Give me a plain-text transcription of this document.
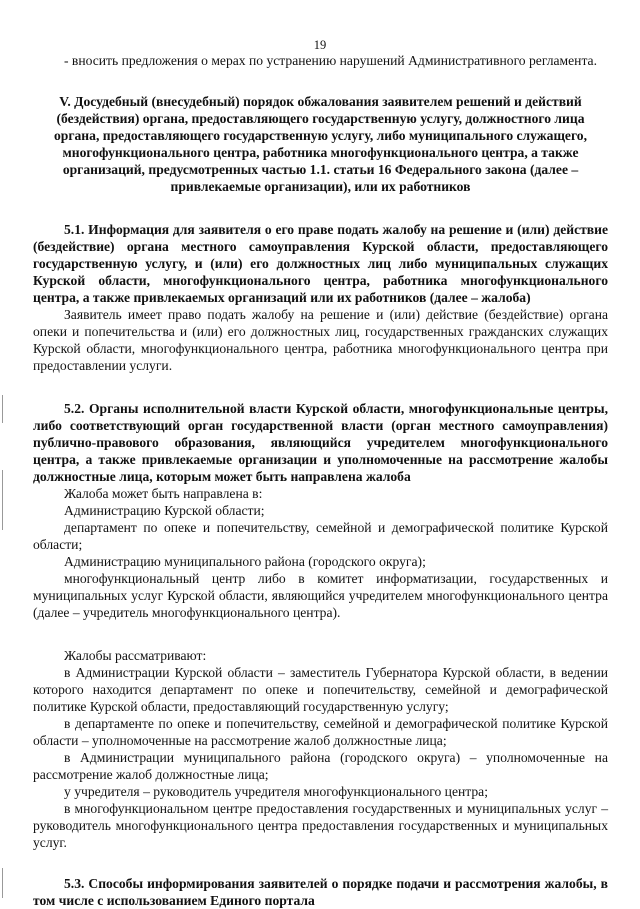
19

- вносить предложения о мерах по устранению нарушений Административного регламента.

V. Досудебный (внесудебный) порядок обжалования заявителем решений и действий
(бездействия) органа, предоставляющего государственную услугу, должностного лица
органа, предоставляющего государственную услугу, либо муниципального служащего,
многофункционального центра, работника многофункционального центра, а также
организаций, предусмотренных частью 1.1. статьи 16 Федерального закона (далее –
привлекаемые организации), или их работников

5.1. Информация для заявителя о его праве подать жалобу на решение и (или) действие (бездействие) органа местного самоуправления Курской области, предоставляющего государственную услугу, и (или) его должностных лиц либо муниципальных служащих Курской области, многофункционального центра, работника многофункционального центра, а также привлекаемых организаций или их работников (далее – жалоба)

Заявитель имеет право подать жалобу на решение и (или) действие (бездействие) органа опеки и попечительства и (или) его должностных лиц, государственных гражданских служащих Курской области, многофункционального центра, работника многофункционального центра при предоставлении услуги.

5.2. Органы исполнительной власти Курской области, многофункциональные центры, либо соответствующий орган государственной власти (орган местного самоуправления) публично-правового образования, являющийся учредителем многофункционального центра, а также привлекаемые организации и уполномоченные на рассмотрение жалобы должностные лица, которым может быть направлена жалоба

Жалоба может быть направлена в:

Администрацию Курской области;

департамент по опеке и попечительству, семейной и демографической политике Курской области;

Администрацию муниципального района (городского округа);

многофункциональный центр либо в комитет информатизации, государственных и муниципальных услуг Курской области, являющийся учредителем многофункционального центра (далее – учредитель многофункционального центра).

Жалобы рассматривают:

в Администрации Курской области – заместитель Губернатора Курской области, в ведении которого находится департамент по опеке и попечительству, семейной и демографической политике Курской области, предоставляющий государственную услугу;

в департаменте по опеке и попечительству, семейной и демографической политике Курской области – уполномоченные на рассмотрение жалоб должностные лица;

в Администрации муниципального района (городского округа) – уполномоченные на рассмотрение жалоб должностные лица;

у учредителя – руководитель учредителя многофункционального центра;

в многофункциональном центре предоставления государственных и муниципальных услуг – руководитель многофункционального центра предоставления государственных и муниципальных услуг.

5.3. Способы информирования заявителей о порядке подачи и рассмотрения жалобы, в том числе с использованием Единого портала
